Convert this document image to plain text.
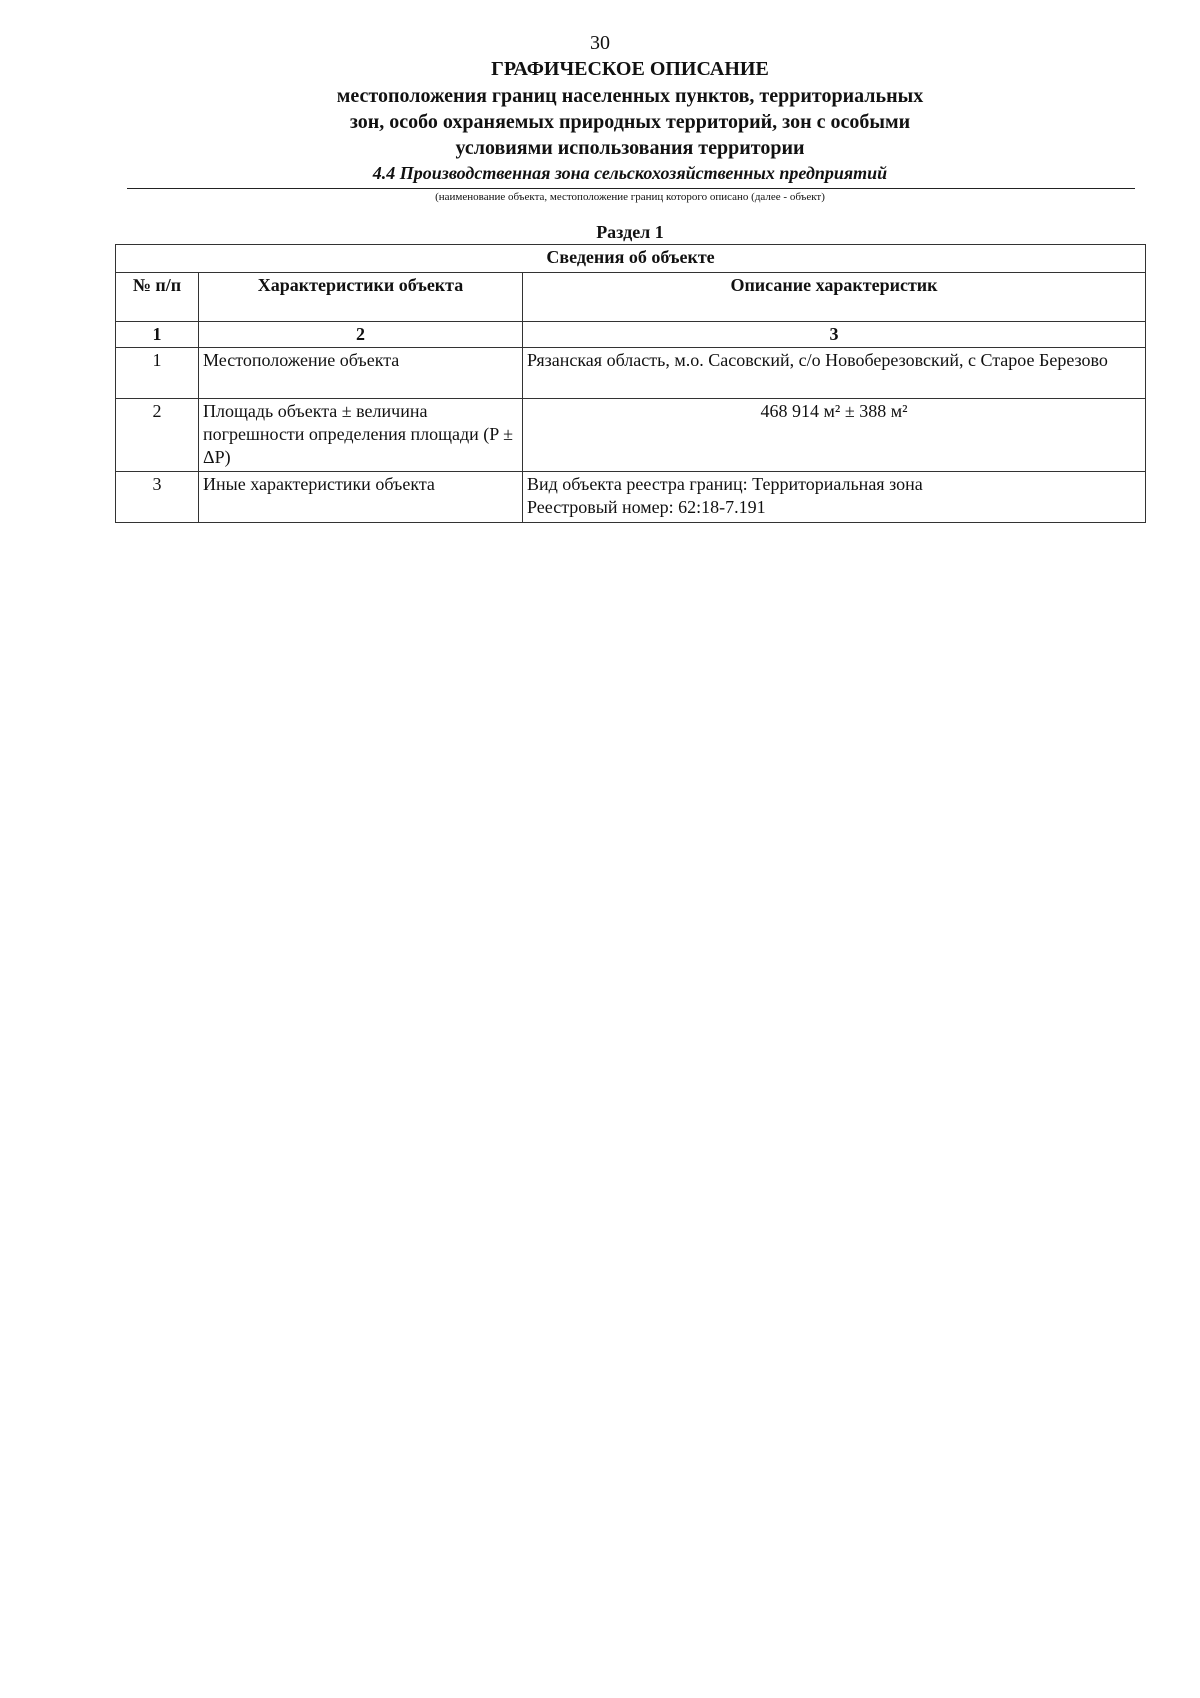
30
ГРАФИЧЕСКОЕ ОПИСАНИЕ
местоположения границ населенных пунктов, территориальных
зон, особо охраняемых природных территорий, зон с особыми
условиями использования территории
4.4 Производственная зона сельскохозяйственных предприятий
(наименование объекта, местоположение границ которого описано (далее - объект)
Раздел 1
Сведения об объекте		
№ п/п	Характеристики объекта	Описание характеристик
1	2	3
1	Местоположение объекта	Рязанская область, м.о. Сасовский, с/о Новоберезовский, с Старое Березово

2	Площадь объекта ± величина погрешности определения площади (P ± ΔP)	468 914 м² ± 388 м²

3	Иные характеристики объекта	Вид объекта реестра границ: Территориальная зона
Реестровый номер: 62:18-7.191
